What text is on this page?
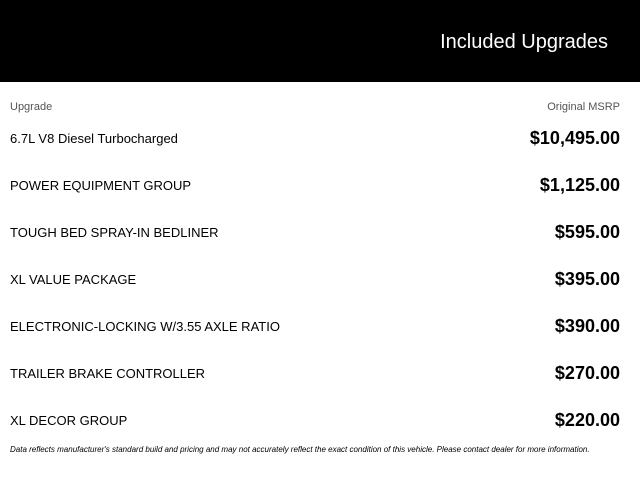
Included Upgrades
Upgrade	Original MSRP
6.7L V8 Diesel Turbocharged	$10,495.00
POWER EQUIPMENT GROUP	$1,125.00
TOUGH BED SPRAY-IN BEDLINER	$595.00
XL VALUE PACKAGE	$395.00
ELECTRONIC-LOCKING W/3.55 AXLE RATIO	$390.00
TRAILER BRAKE CONTROLLER	$270.00
XL DECOR GROUP	$220.00
Data reflects manufacturer's standard build and pricing and may not accurately reflect the exact condition of this vehicle. Please contact dealer for more information.
